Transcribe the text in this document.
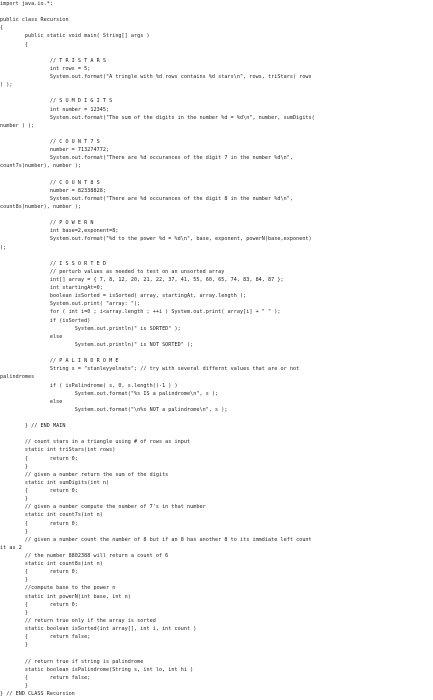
import java.io.*;
public class Recursion
{
public static void main( String[] args )
{
// T R I S T A R S
int rows = 5;
System.out.format("A tringle with %d rows contains %d stars\n", rows, triStars( rows
) );
// S U M D I G I T S
int number = 12345;
System.out.format("The sum of the digits in the number %d = %d\n", number, sumDigits(
number ) );
// C O U N T 7 S
number = 713274772;
System.out.format("There are %d occurances of the digit 7 in the number %d\n",
count7s(number), number );
// C O U N T 8 S
number = 82338828;
System.out.format("There are %d occurances of the digit 8 in the number %d\n",
count8s(number), number );
// P O W E R N
int base=2,exponent=8;
System.out.format("%d to the power %d = %d\n", base, exponent, powerN(base,exponent)
);
// I S S O R T E D
// perturb values as needed to test on an unsorted array
int[] array = { 7, 8, 12, 20, 21, 22, 37, 41, 55, 60, 65, 74, 83, 84, 87 };
int startingAt=0;
boolean isSorted = isSorted( array, startingAt, array.length );
System.out.print( "array: ");
for ( int i=0 ; i<array.length ; ++i ) System.out.print( array[i] + " " );
if (isSorted)
System.out.println(" is SORTED" );
else
System.out.println(" is NOT SORTED" );
// P A L I N D R O M E
String s = "stanleyyelnats"; // try with several differnt values that are or not
palindromes
if ( isPalindrome( s, 0, s.length()-1 ) )
System.out.format("%s IS a palindrome\n", s );
else
System.out.format("\n%s NOT a palindrome\n", s );
} // END MAIN
// count stars in a triangle using # of rows as input
static int triStars(int rows)
{       return 0;
}
// given a number return the sum of the digits
static int sumDigits(int n)
{       return 0;
}
// given a number compute the number of 7's in that number
static int count7s(int n)
{       return 0;
}
// given a number count the number of 8 but if an 8 has another 8 to its immdiate left count
it as 2
// the number 8802388 will return a count of 6
static int count8s(int n)
{       return 0;
}
//compute base to the power n
static int powerN(int base, int n)
{       return 0;
}
// return true only if the array is sorted
static boolean isSorted(int array[], int i, int count )
{       return false;
}
// return true if string is palindrome
static boolean isPalindrome(String s, int lo, int hi )
{       return false;
}
} // END CLASS Recursion
